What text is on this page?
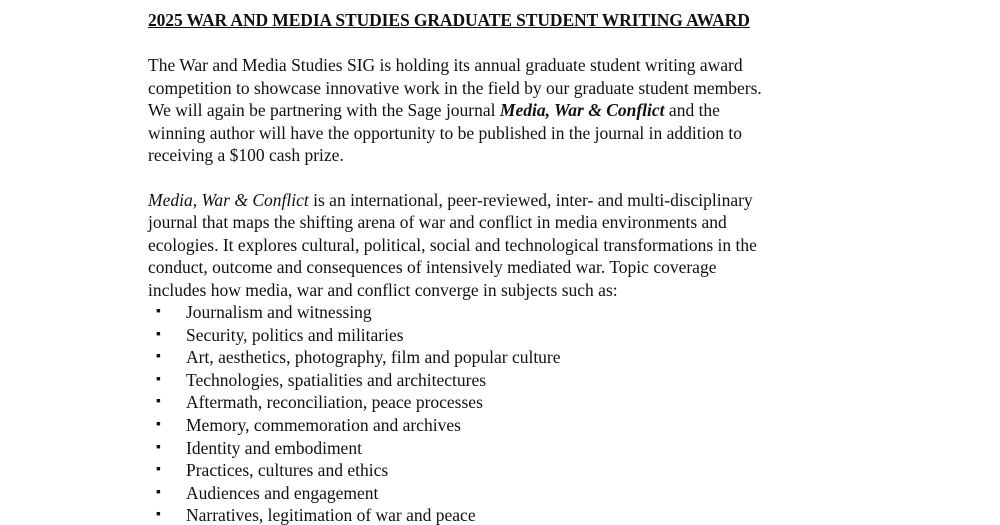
2025 WAR AND MEDIA STUDIES GRADUATE STUDENT WRITING AWARD

The War and Media Studies SIG is holding its annual graduate student writing award
competition to showcase innovative work in the field by our graduate student members.
We will again be partnering with the Sage journal Media, War & Conflict and the
winning author will have the opportunity to be published in the journal in addition to
receiving a $100 cash prize.

Media, War & Conflict is an international, peer-reviewed, inter- and multi-disciplinary
journal that maps the shifting arena of war and conflict in media environments and
ecologies. It explores cultural, political, social and technological transformations in the
conduct, outcome and consequences of intensively mediated war. Topic coverage
includes how media, war and conflict converge in subjects such as:

▪ Journalism and witnessing
▪ Security, politics and militaries
▪ Art, aesthetics, photography, film and popular culture
▪ Technologies, spatialities and architectures
▪ Aftermath, reconciliation, peace processes
▪ Memory, commemoration and archives
▪ Identity and embodiment
▪ Practices, cultures and ethics
▪ Audiences and engagement
▪ Narratives, legitimation of war and peace
